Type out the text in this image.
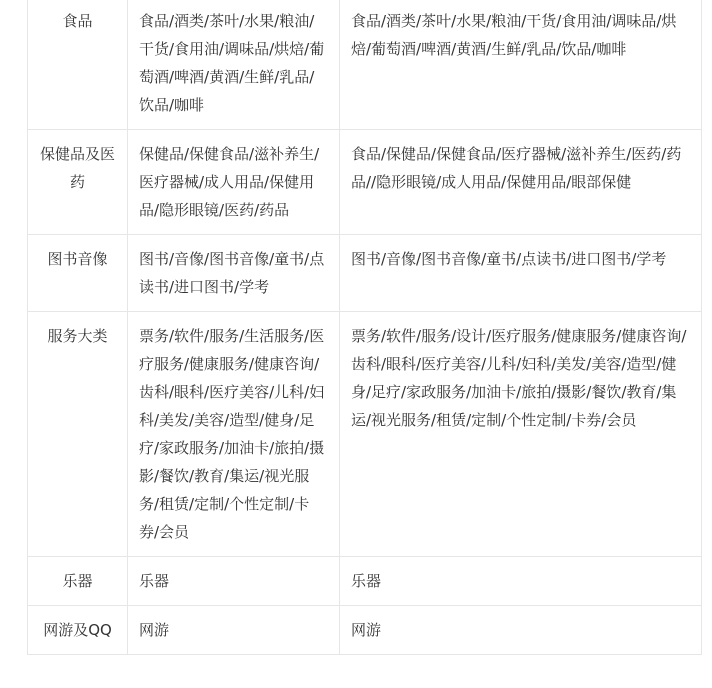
食品	食品/酒类/茶叶/水果/粮油/干货/食用油/调味品/烘焙/葡萄酒/啤酒/黄酒/生鲜/乳品/饮品/咖啡	食品/酒类/茶叶/水果/粮油/干货/食用油/调味品/烘焙/葡萄酒/啤酒/黄酒/生鲜/乳品/饮品/咖啡
保健品及医药	保健品/保健食品/滋补养生/医疗器械/成人用品/保健用品/隐形眼镜/医药/药品	食品/保健品/保健食品/医疗器械/滋补养生/医药/药品//隐形眼镜/成人用品/保健用品/眼部保健
图书音像	图书/音像/图书音像/童书/点读书/进口图书/学考	图书/音像/图书音像/童书/点读书/进口图书/学考
服务大类	票务/软件/服务/生活服务/医疗服务/健康服务/健康咨询/齿科/眼科/医疗美容/儿科/妇科/美发/美容/造型/健身/足疗/家政服务/加油卡/旅拍/摄影/餐饮/教育/集运/视光服务/租赁/定制/个性定制/卡券/会员	票务/软件/服务/设计/医疗服务/健康服务/健康咨询/齿科/眼科/医疗美容/儿科/妇科/美发/美容/造型/健身/足疗/家政服务/加油卡/旅拍/摄影/餐饮/教育/集运/视光服务/租赁/定制/个性定制/卡券/会员
乐器	乐器	乐器
网游及QQ	网游	网游
